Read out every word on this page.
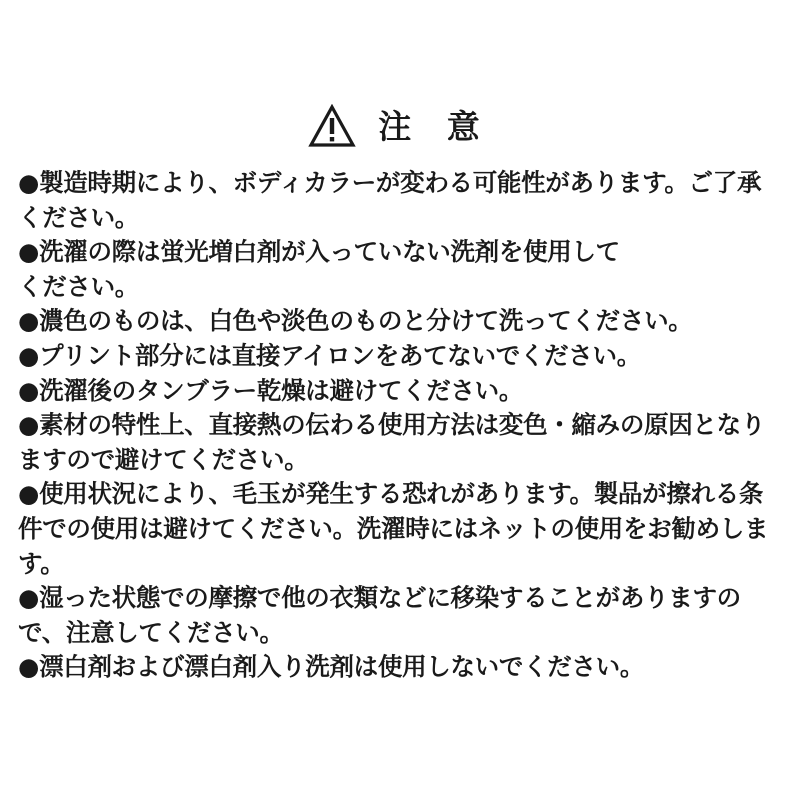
注 意
●製造時期により、ボディカラーが変わる可能性があります。ご了承ください。
●洗濯の際は蛍光増白剤が入っていない洗剤を使用して
ください。
●濃色のものは、白色や淡色のものと分けて洗ってください。
●プリント部分には直接アイロンをあてないでください。
●洗濯後のタンブラー乾燥は避けてください。
●素材の特性上、直接熱の伝わる使用方法は変色・縮みの原因となりますので避けてください。
●使用状況により、毛玉が発生する恐れがあります。製品が擦れる条件での使用は避けてください。洗濯時にはネットの使用をお勧めします。
●湿った状態での摩擦で他の衣類などに移染することがありますので、注意してください。
●漂白剤および漂白剤入り洗剤は使用しないでください。
